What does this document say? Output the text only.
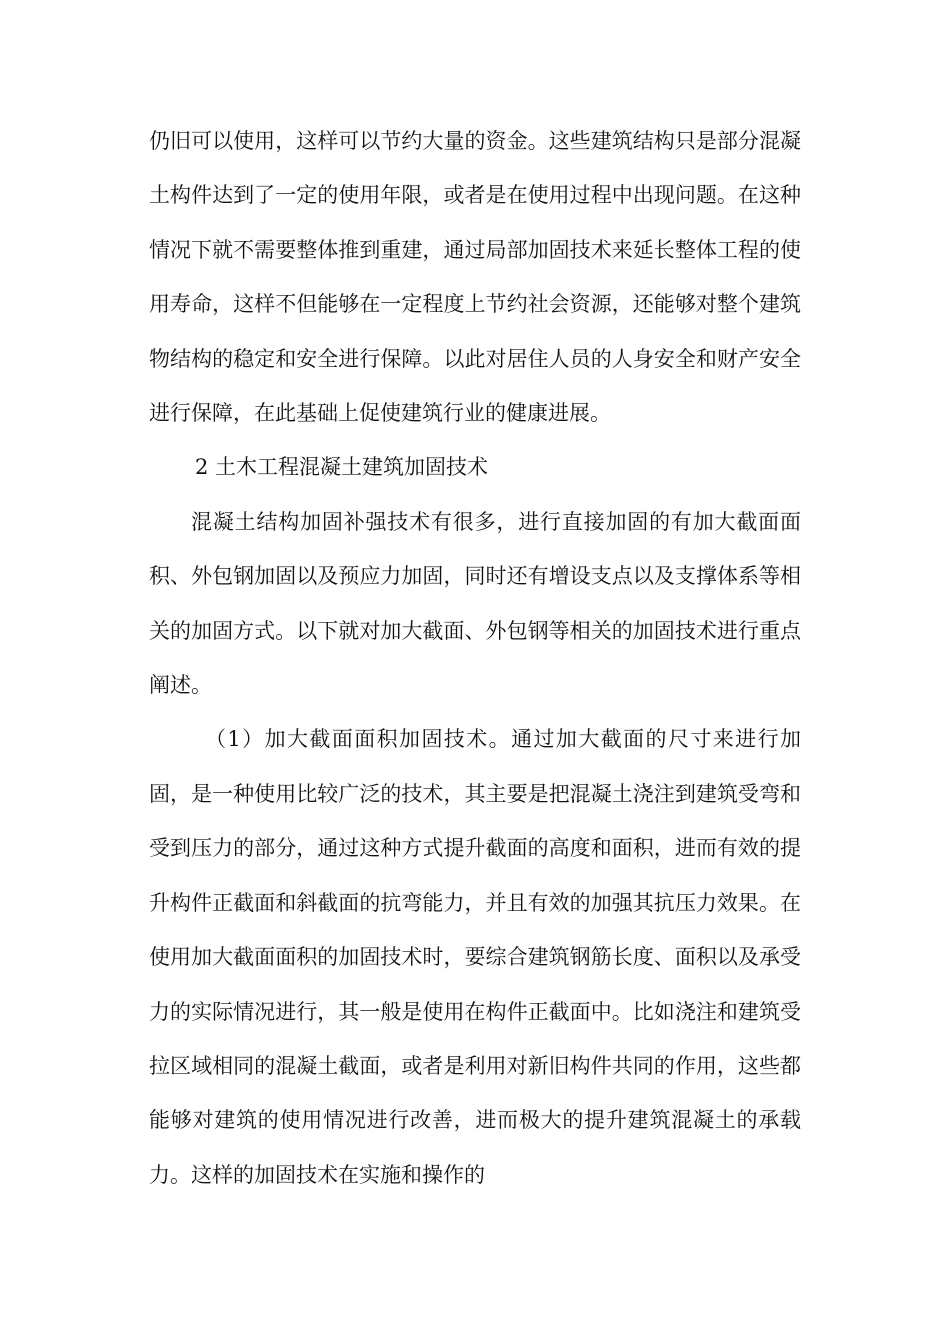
仍旧可以使用，这样可以节约大量的资金。这些建筑结构只是部分混凝土构件达到了一定的使用年限，或者是在使用过程中出现问题。在这种情况下就不需要整体推到重建，通过局部加固技术来延长整体工程的使用寿命，这样不但能够在一定程度上节约社会资源，还能够对整个建筑物结构的稳定和安全进行保障。以此对居住人员的人身安全和财产安全进行保障，在此基础上促使建筑行业的健康进展。

2 土木工程混凝土建筑加固技术

混凝土结构加固补强技术有很多，进行直接加固的有加大截面面积、外包钢加固以及预应力加固，同时还有增设支点以及支撑体系等相关的加固方式。以下就对加大截面、外包钢等相关的加固技术进行重点阐述。

（1）加大截面面积加固技术。通过加大截面的尺寸来进行加固，是一种使用比较广泛的技术，其主要是把混凝土浇注到建筑受弯和受到压力的部分，通过这种方式提升截面的高度和面积，进而有效的提升构件正截面和斜截面的抗弯能力，并且有效的加强其抗压力效果。在使用加大截面面积的加固技术时，要综合建筑钢筋长度、面积以及承受力的实际情况进行，其一般是使用在构件正截面中。比如浇注和建筑受拉区域相同的混凝土截面，或者是利用对新旧构件共同的作用，这些都能够对建筑的使用情况进行改善，进而极大的提升建筑混凝土的承载力。这样的加固技术在实施和操作的
